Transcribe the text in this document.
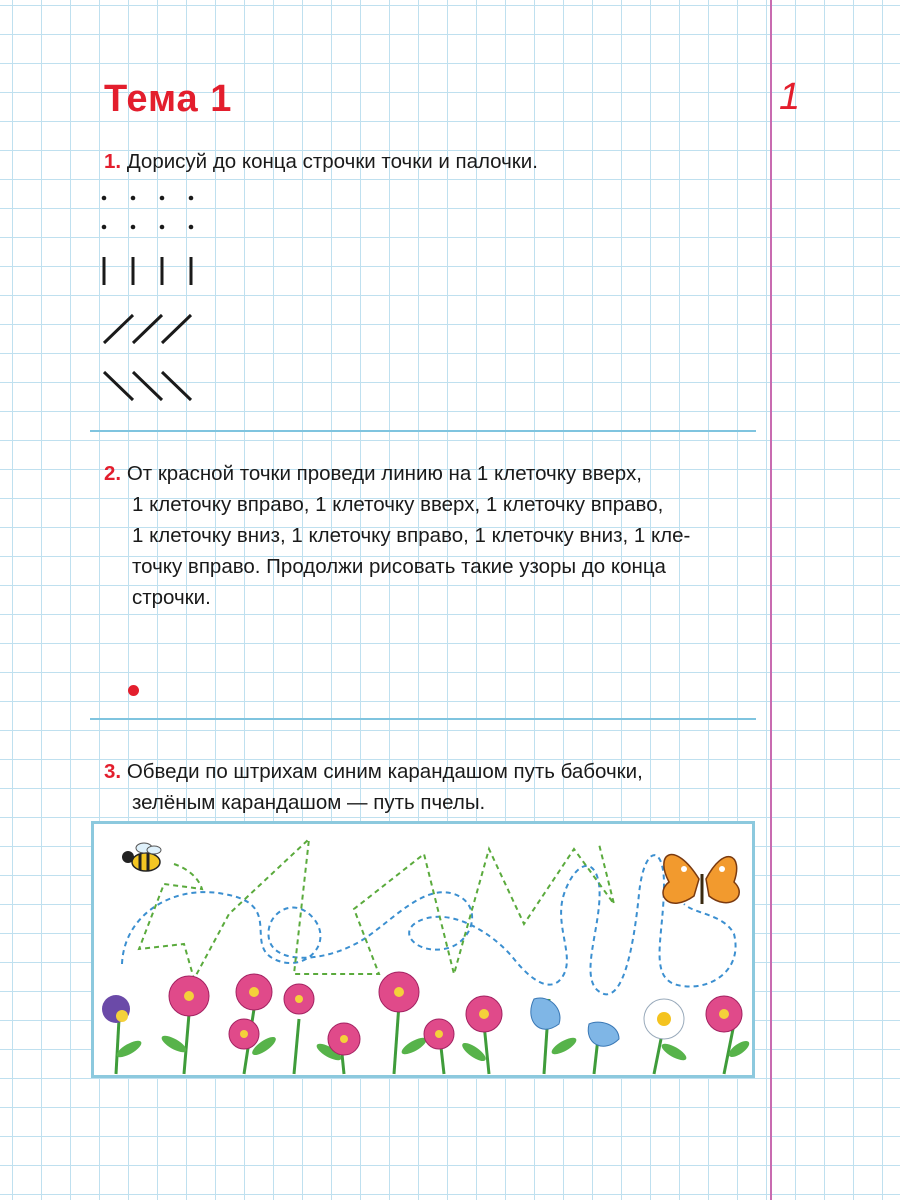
Тема 1	1
1. Дорисуй до конца строчки точки и палочки.
2. От красной точки проведи линию на 1 клеточку вверх,
1 клеточку вправо, 1 клеточку вверх, 1 клеточку вправо,
1 клеточку вниз, 1 клеточку вправо, 1 клеточку вниз, 1 кле-
точку вправо. Продолжи рисовать такие узоры до конца
строчки.
3. Обведи по штрихам синим карандашом путь бабочки,
зелёным карандашом — путь пчелы.
